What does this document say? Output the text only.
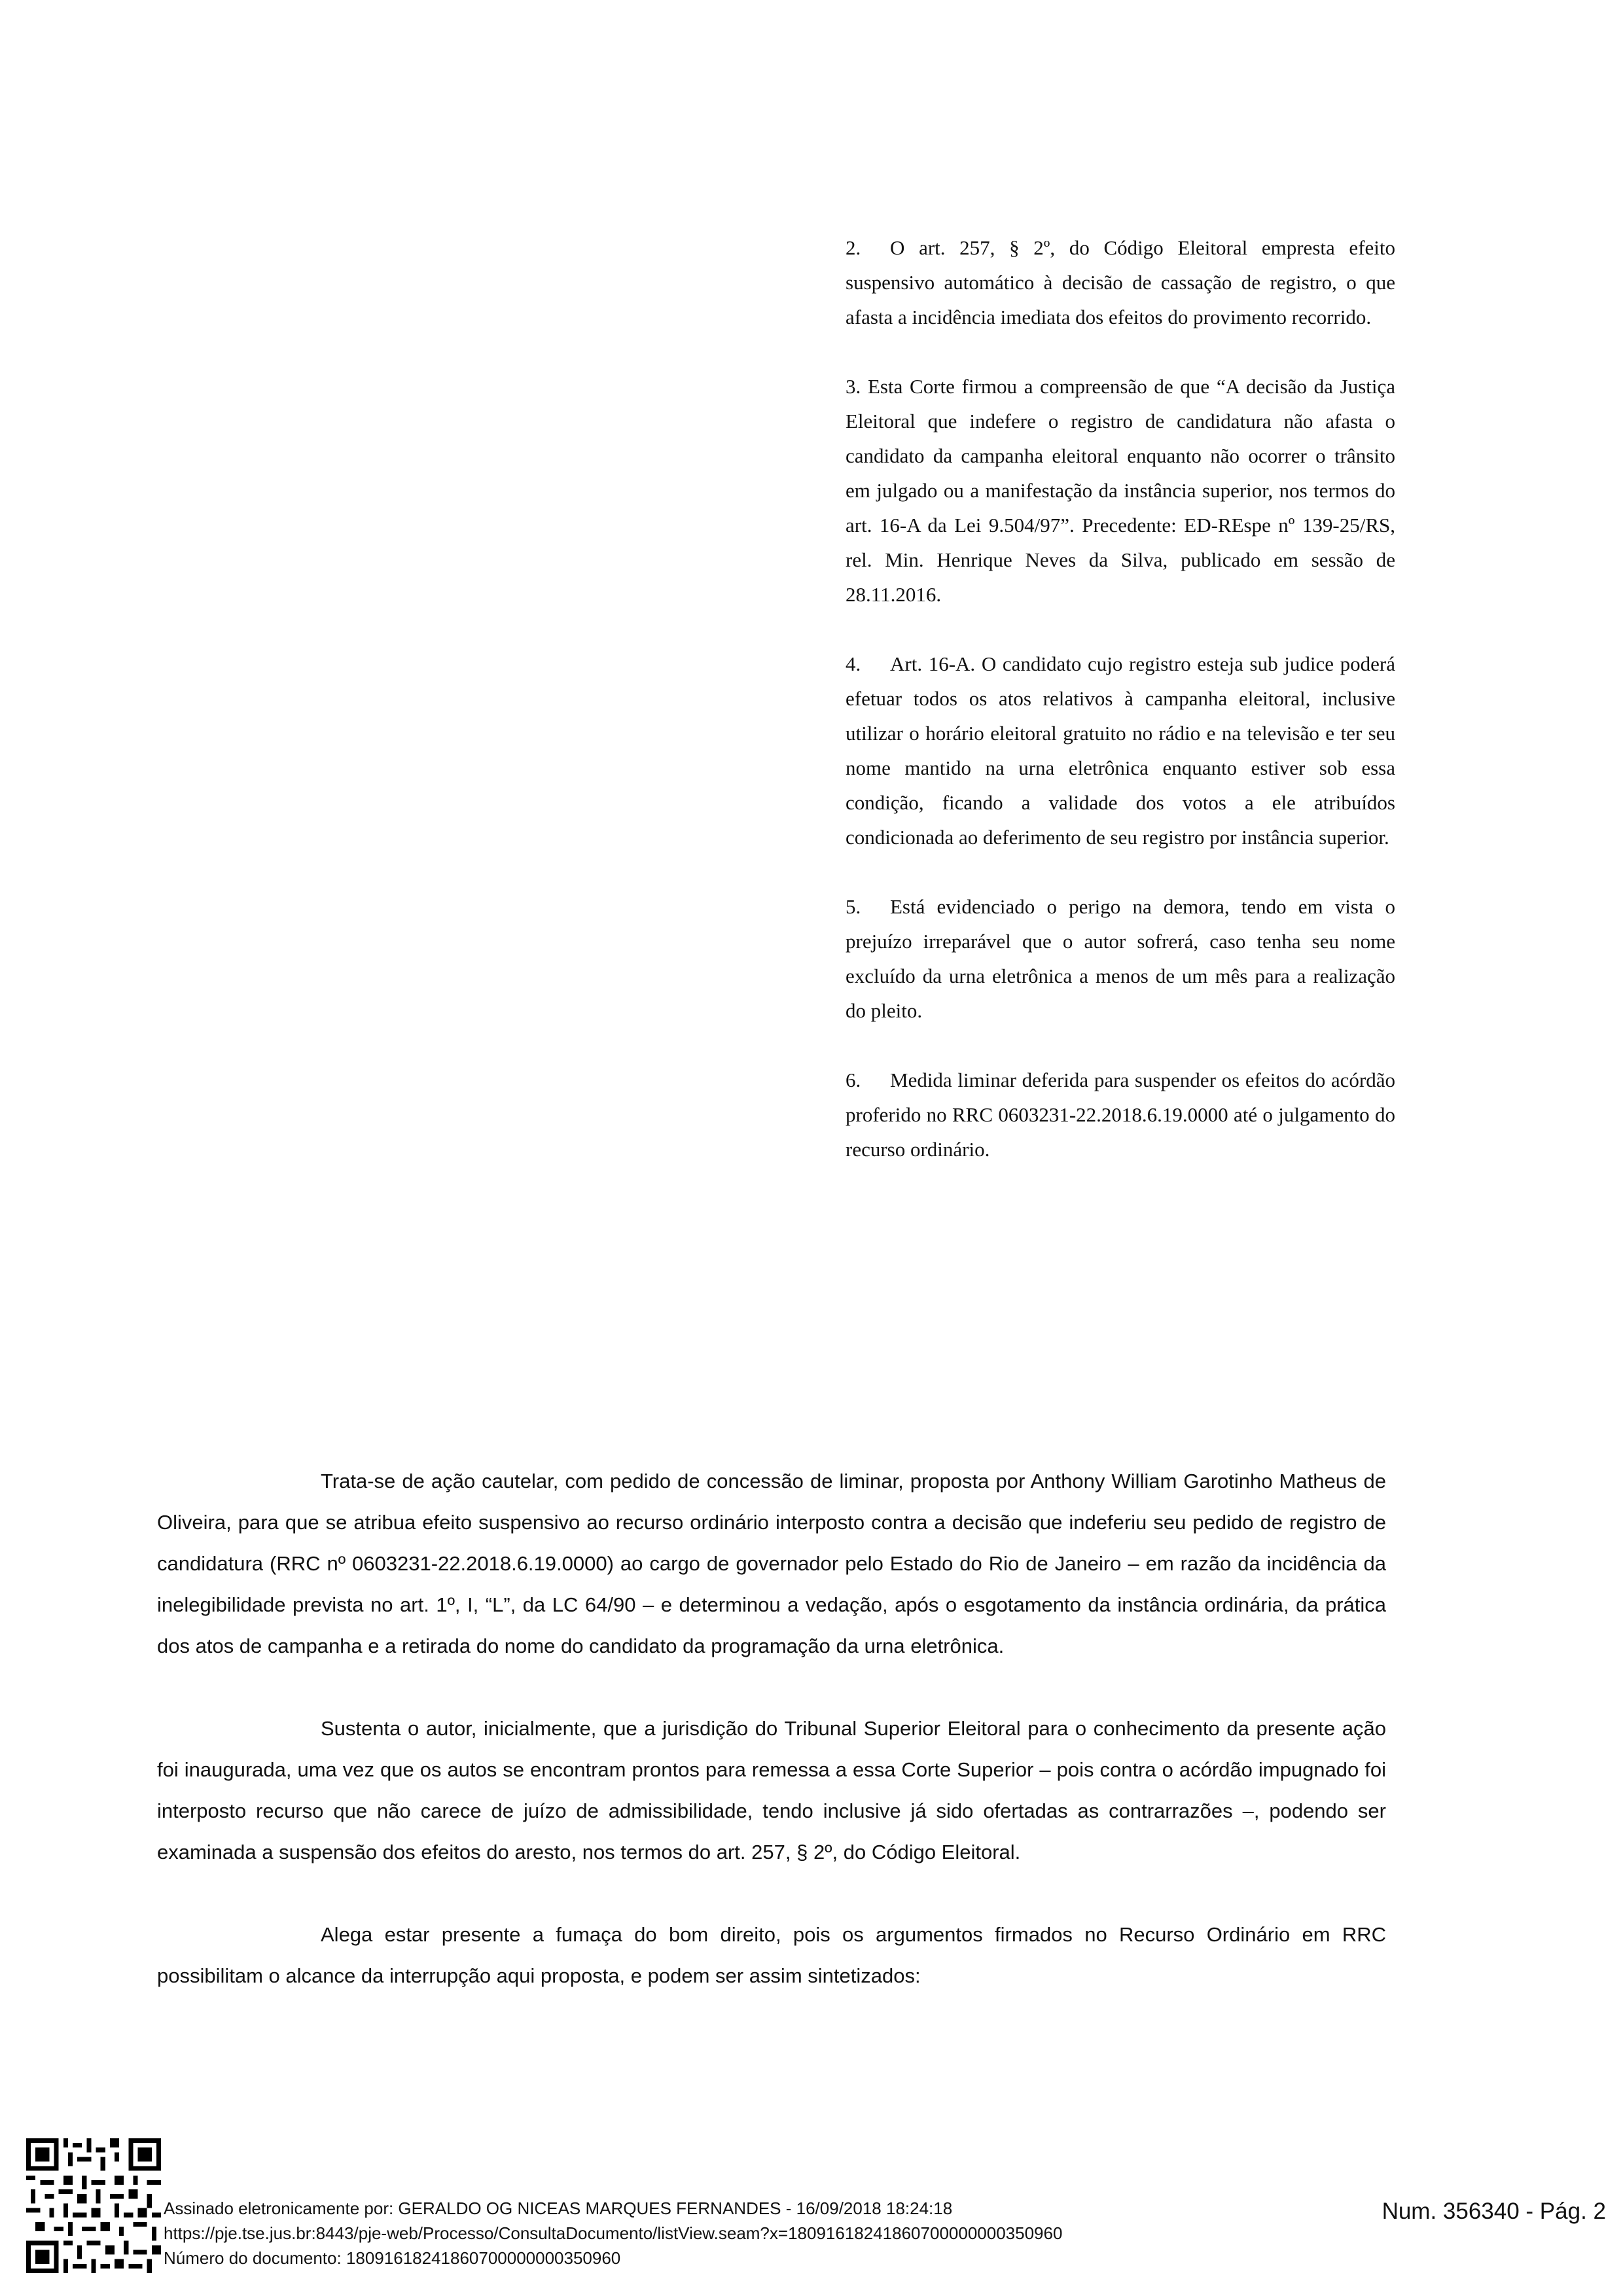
2. O art. 257, § 2º, do Código Eleitoral empresta efeito suspensivo automático à decisão de cassação de registro, o que afasta a incidência imediata dos efeitos do provimento recorrido.

3. Esta Corte firmou a compreensão de que “A decisão da Justiça Eleitoral que indefere o registro de candidatura não afasta o candidato da campanha eleitoral enquanto não ocorrer o trânsito em julgado ou a manifestação da instância superior, nos termos do art. 16-A da Lei 9.504/97”. Precedente: ED-REspe nº 139-25/RS, rel. Min. Henrique Neves da Silva, publicado em sessão de 28.11.2016.

4. Art. 16-A. O candidato cujo registro esteja sub judice poderá efetuar todos os atos relativos à campanha eleitoral, inclusive utilizar o horário eleitoral gratuito no rádio e na televisão e ter seu nome mantido na urna eletrônica enquanto estiver sob essa condição, ficando a validade dos votos a ele atribuídos condicionada ao deferimento de seu registro por instância superior.

5. Está evidenciado o perigo na demora, tendo em vista o prejuízo irreparável que o autor sofrerá, caso tenha seu nome excluído da urna eletrônica a menos de um mês para a realização do pleito.

6. Medida liminar deferida para suspender os efeitos do acórdão proferido no RRC 0603231-22.2018.6.19.0000 até o julgamento do recurso ordinário.

Trata-se de ação cautelar, com pedido de concessão de liminar, proposta por Anthony William Garotinho Matheus de Oliveira, para que se atribua efeito suspensivo ao recurso ordinário interposto contra a decisão que indeferiu seu pedido de registro de candidatura (RRC nº 0603231-22.2018.6.19.0000) ao cargo de governador pelo Estado do Rio de Janeiro – em razão da incidência da inelegibilidade prevista no art. 1º, I, “L”, da LC 64/90 – e determinou a vedação, após o esgotamento da instância ordinária, da prática dos atos de campanha e a retirada do nome do candidato da programação da urna eletrônica.

Sustenta o autor, inicialmente, que a jurisdição do Tribunal Superior Eleitoral para o conhecimento da presente ação foi inaugurada, uma vez que os autos se encontram prontos para remessa a essa Corte Superior – pois contra o acórdão impugnado foi interposto recurso que não carece de juízo de admissibilidade, tendo inclusive já sido ofertadas as contrarrazões –, podendo ser examinada a suspensão dos efeitos do aresto, nos termos do art. 257, § 2º, do Código Eleitoral.

Alega estar presente a fumaça do bom direito, pois os argumentos firmados no Recurso Ordinário em RRC possibilitam o alcance da interrupção aqui proposta, e podem ser assim sintetizados:

Assinado eletronicamente por: GERALDO OG NICEAS MARQUES FERNANDES - 16/09/2018 18:24:18
https://pje.tse.jus.br:8443/pje-web/Processo/ConsultaDocumento/listView.seam?x=18091618241860700000000350960
Número do documento: 18091618241860700000000350960
Num. 356340 - Pág. 2
